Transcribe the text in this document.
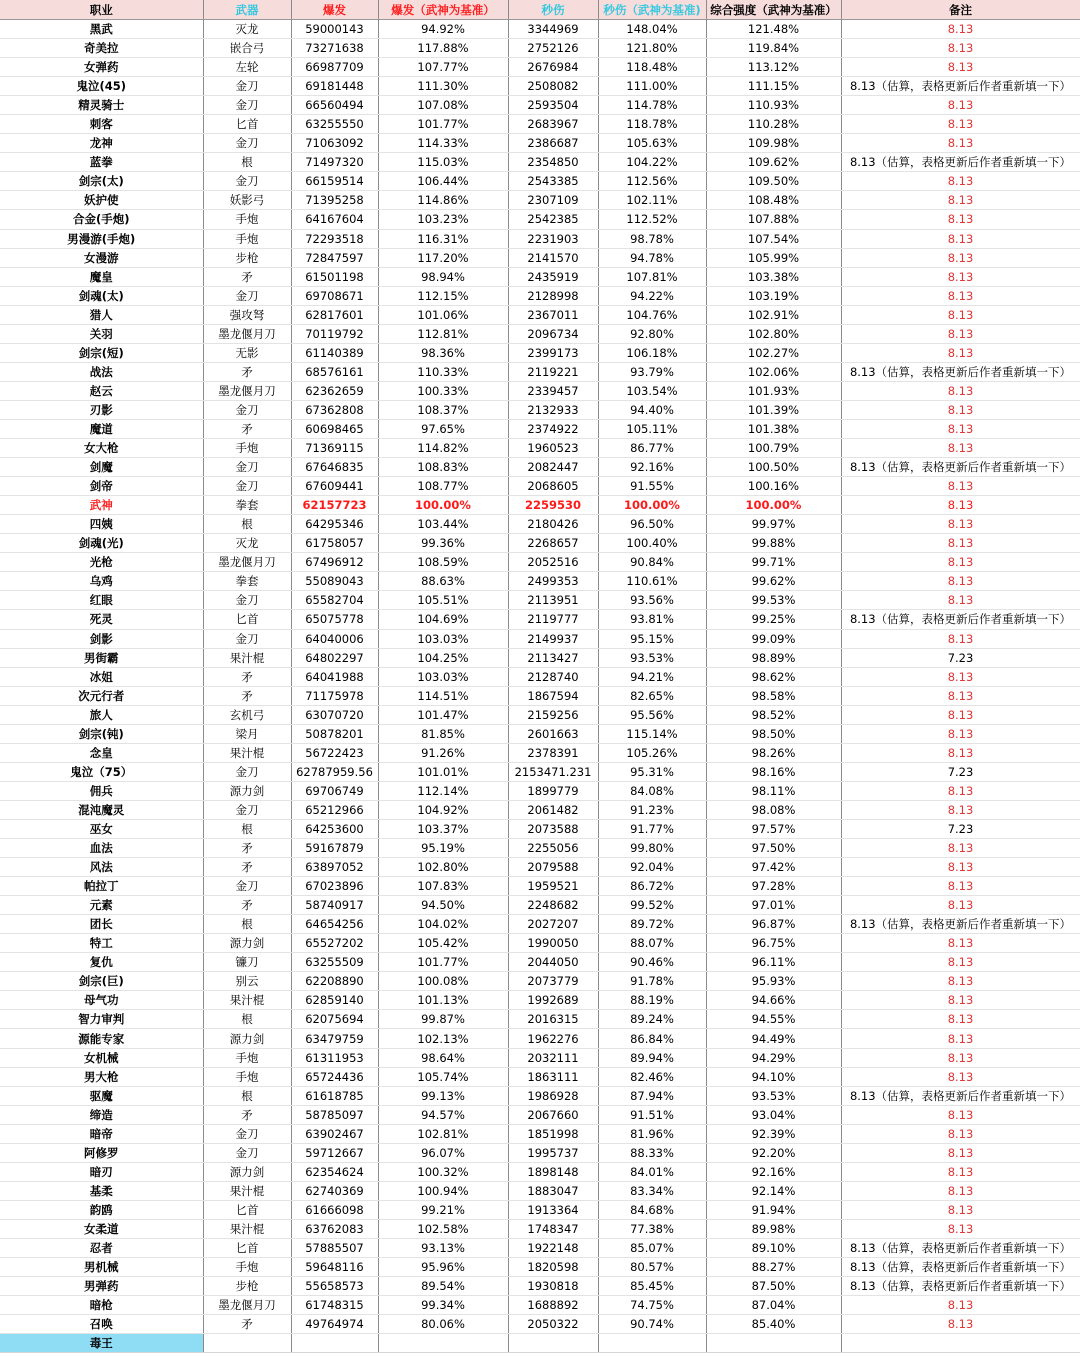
职业	武器	爆发	爆发（武神为基准）	秒伤	秒伤（武神为基准)	综合强度（武神为基准）	备注
黑武	灭龙	59000143	94.92%	3344969	148.04%	121.48%	8.13
奇美拉	嵌合弓	73271638	117.88%	2752126	121.80%	119.84%	8.13
女弹药	左轮	66987709	107.77%	2676984	118.48%	113.12%	8.13
鬼泣(45)	金刀	69181448	111.30%	2508082	111.00%	111.15%	8.13（估算，表格更新后作者重新填一下）
精灵骑士	金刀	66560494	107.08%	2593504	114.78%	110.93%	8.13
刺客	匕首	63255550	101.77%	2683967	118.78%	110.28%	8.13
龙神	金刀	71063092	114.33%	2386687	105.63%	109.98%	8.13
蓝拳	根	71497320	115.03%	2354850	104.22%	109.62%	8.13（估算，表格更新后作者重新填一下）
剑宗(太)	金刀	66159514	106.44%	2543385	112.56%	109.50%	8.13
妖护使	妖影弓	71395258	114.86%	2307109	102.11%	108.48%	8.13
合金(手炮)	手炮	64167604	103.23%	2542385	112.52%	107.88%	8.13
男漫游(手炮)	手炮	72293518	116.31%	2231903	98.78%	107.54%	8.13
女漫游	步枪	72847597	117.20%	2141570	94.78%	105.99%	8.13
魔皇	矛	61501198	98.94%	2435919	107.81%	103.38%	8.13
剑魂(太)	金刀	69708671	112.15%	2128998	94.22%	103.19%	8.13
猎人	强攻弩	62817601	101.06%	2367011	104.76%	102.91%	8.13
关羽	墨龙偃月刀	70119792	112.81%	2096734	92.80%	102.80%	8.13
剑宗(短)	无影	61140389	98.36%	2399173	106.18%	102.27%	8.13
战法	矛	68576161	110.33%	2119221	93.79%	102.06%	8.13（估算，表格更新后作者重新填一下）
赵云	墨龙偃月刀	62362659	100.33%	2339457	103.54%	101.93%	8.13
刃影	金刀	67362808	108.37%	2132933	94.40%	101.39%	8.13
魔道	矛	60698465	97.65%	2374922	105.11%	101.38%	8.13
女大枪	手炮	71369115	114.82%	1960523	86.77%	100.79%	8.13
剑魔	金刀	67646835	108.83%	2082447	92.16%	100.50%	8.13（估算，表格更新后作者重新填一下）
剑帝	金刀	67609441	108.77%	2068605	91.55%	100.16%	8.13
武神	拳套	62157723	100.00%	2259530	100.00%	100.00%	8.13
四姨	根	64295346	103.44%	2180426	96.50%	99.97%	8.13
剑魂(光)	灭龙	61758057	99.36%	2268657	100.40%	99.88%	8.13
光枪	墨龙偃月刀	67496912	108.59%	2052516	90.84%	99.71%	8.13
乌鸡	拳套	55089043	88.63%	2499353	110.61%	99.62%	8.13
红眼	金刀	65582704	105.51%	2113951	93.56%	99.53%	8.13
死灵	匕首	65075778	104.69%	2119777	93.81%	99.25%	8.13（估算，表格更新后作者重新填一下）
剑影	金刀	64040006	103.03%	2149937	95.15%	99.09%	8.13
男街霸	果汁棍	64802297	104.25%	2113427	93.53%	98.89%	7.23
冰姐	矛	64041988	103.03%	2128740	94.21%	98.62%	8.13
次元行者	矛	71175978	114.51%	1867594	82.65%	98.58%	8.13
旅人	玄机弓	63070720	101.47%	2159256	95.56%	98.52%	8.13
剑宗(钝)	梁月	50878201	81.85%	2601663	115.14%	98.50%	8.13
念皇	果汁棍	56722423	91.26%	2378391	105.26%	98.26%	8.13
鬼泣（75）	金刀	62787959.56	101.01%	2153471.231	95.31%	98.16%	7.23
佣兵	源力剑	69706749	112.14%	1899779	84.08%	98.11%	8.13
混沌魔灵	金刀	65212966	104.92%	2061482	91.23%	98.08%	8.13
巫女	根	64253600	103.37%	2073588	91.77%	97.57%	7.23
血法	矛	59167879	95.19%	2255056	99.80%	97.50%	8.13
风法	矛	63897052	102.80%	2079588	92.04%	97.42%	8.13
帕拉丁	金刀	67023896	107.83%	1959521	86.72%	97.28%	8.13
元素	矛	58740917	94.50%	2248682	99.52%	97.01%	8.13
团长	根	64654256	104.02%	2027207	89.72%	96.87%	8.13（估算，表格更新后作者重新填一下）
特工	源力剑	65527202	105.42%	1990050	88.07%	96.75%	8.13
复仇	镰刀	63255509	101.77%	2044050	90.46%	96.11%	8.13
剑宗(巨)	别云	62208890	100.08%	2073779	91.78%	95.93%	8.13
母气功	果汁棍	62859140	101.13%	1992689	88.19%	94.66%	8.13
智力审判	根	62075694	99.87%	2016315	89.24%	94.55%	8.13
源能专家	源力剑	63479759	102.13%	1962276	86.84%	94.49%	8.13
女机械	手炮	61311953	98.64%	2032111	89.94%	94.29%	8.13
男大枪	手炮	65724436	105.74%	1863111	82.46%	94.10%	8.13
驱魔	根	61618785	99.13%	1986928	87.94%	93.53%	8.13（估算，表格更新后作者重新填一下）
缔造	矛	58785097	94.57%	2067660	91.51%	93.04%	8.13
暗帝	金刀	63902467	102.81%	1851998	81.96%	92.39%	8.13
阿修罗	金刀	59712667	96.07%	1995737	88.33%	92.20%	8.13
暗刃	源力剑	62354624	100.32%	1898148	84.01%	92.16%	8.13
基柔	果汁棍	62740369	100.94%	1883047	83.34%	92.14%	8.13
韵鸥	匕首	61666098	99.21%	1913364	84.68%	91.94%	8.13
女柔道	果汁棍	63762083	102.58%	1748347	77.38%	89.98%	8.13
忍者	匕首	57885507	93.13%	1922148	85.07%	89.10%	8.13（估算，表格更新后作者重新填一下）
男机械	手炮	59648116	95.96%	1820598	80.57%	88.27%	8.13（估算，表格更新后作者重新填一下）
男弹药	步枪	55658573	89.54%	1930818	85.45%	87.50%	8.13（估算，表格更新后作者重新填一下）
暗枪	墨龙偃月刀	61748315	99.34%	1688892	74.75%	87.04%	8.13
召唤	矛	49764974	80.06%	2050322	90.74%	85.40%	8.13
毒王							
